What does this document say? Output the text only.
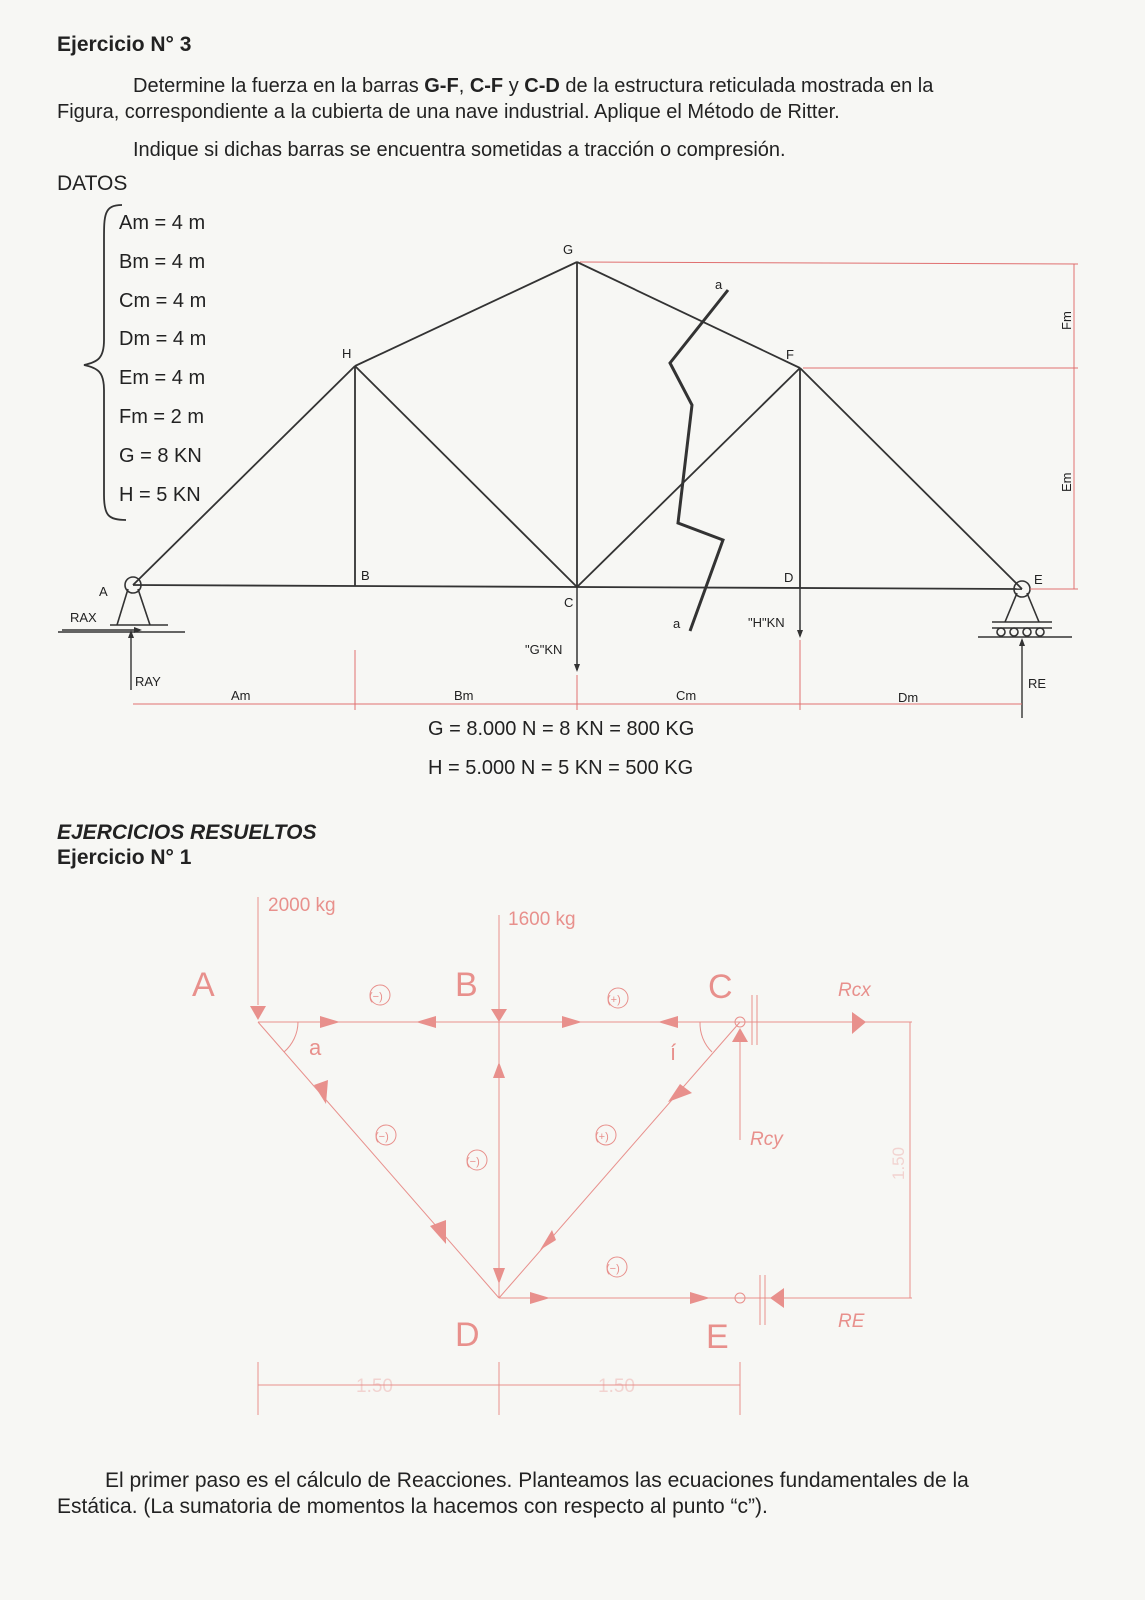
Ejercicio N° 3
Determine la fuerza en la barras G-F, C-F y C-D de la estructura reticulada mostrada en la
Figura, correspondiente a la cubierta de una nave industrial. Aplique el Método de Ritter.
Indique si dichas barras se encuentra sometidas a tracción o compresión.
DATOS
Am = 4 m
Bm = 4 m
Cm = 4 m
Dm = 4 m
Em = 4 m
Fm = 2 m
G = 8 KN
H = 5 KN
G = 8.000 N = 8 KN = 800 KG
H = 5.000 N = 5 KN = 500 KG
G
H	F
A
B
C
D	E
a
a
"G"KN
"H"KN
RAX
RAY	RE
Am	Bm	Cm	Dm
Fm
Em
EJERCICIOS RESUELTOS
Ejercicio N° 1
2000 kg
1600 kg
A	B	C
D	E
Rcx
Rcy
RE
a	í
(−)	(+)
(−)	(+)
(−)
(−)
1.50	1.50
1.50
El primer paso es el cálculo de Reacciones. Planteamos las ecuaciones fundamentales de la
Estática. (La sumatoria de momentos la hacemos con respecto al punto “c”).
